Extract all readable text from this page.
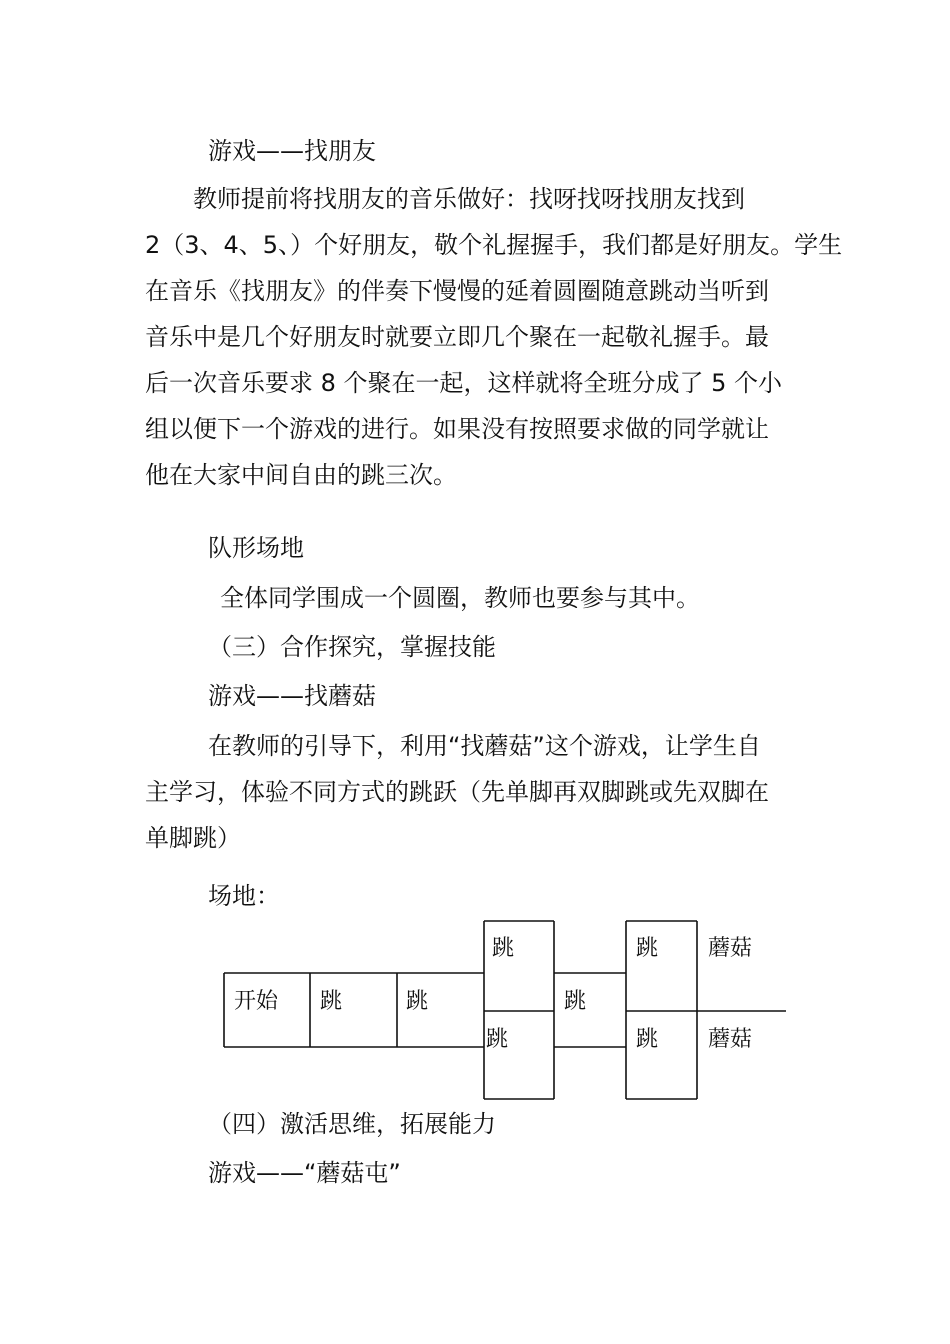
游戏——找朋友

教师提前将找朋友的音乐做好：找呀找呀找朋友找到
2（3、4、5、）个好朋友，敬个礼握握手，我们都是好朋友。学生
在音乐《找朋友》的伴奏下慢慢的延着圆圈随意跳动当听到
音乐中是几个好朋友时就要立即几个聚在一起敬礼握手。最
后一次音乐要求 8 个聚在一起，这样就将全班分成了 5 个小
组以便下一个游戏的进行。如果没有按照要求做的同学就让
他在大家中间自由的跳三次。

队形场地

全体同学围成一个圆圈，教师也要参与其中。

（三）合作探究，掌握技能

游戏——找蘑菇

在教师的引导下，利用“找蘑菇”这个游戏，让学生自
主学习，体验不同方式的跳跃（先单脚再双脚跳或先双脚在
单脚跳）

场地：

开始 跳	跳
跳
跳
跳
跳
跳
蘑菇
蘑菇

（四）激活思维，拓展能力

游戏——“蘑菇屯”
